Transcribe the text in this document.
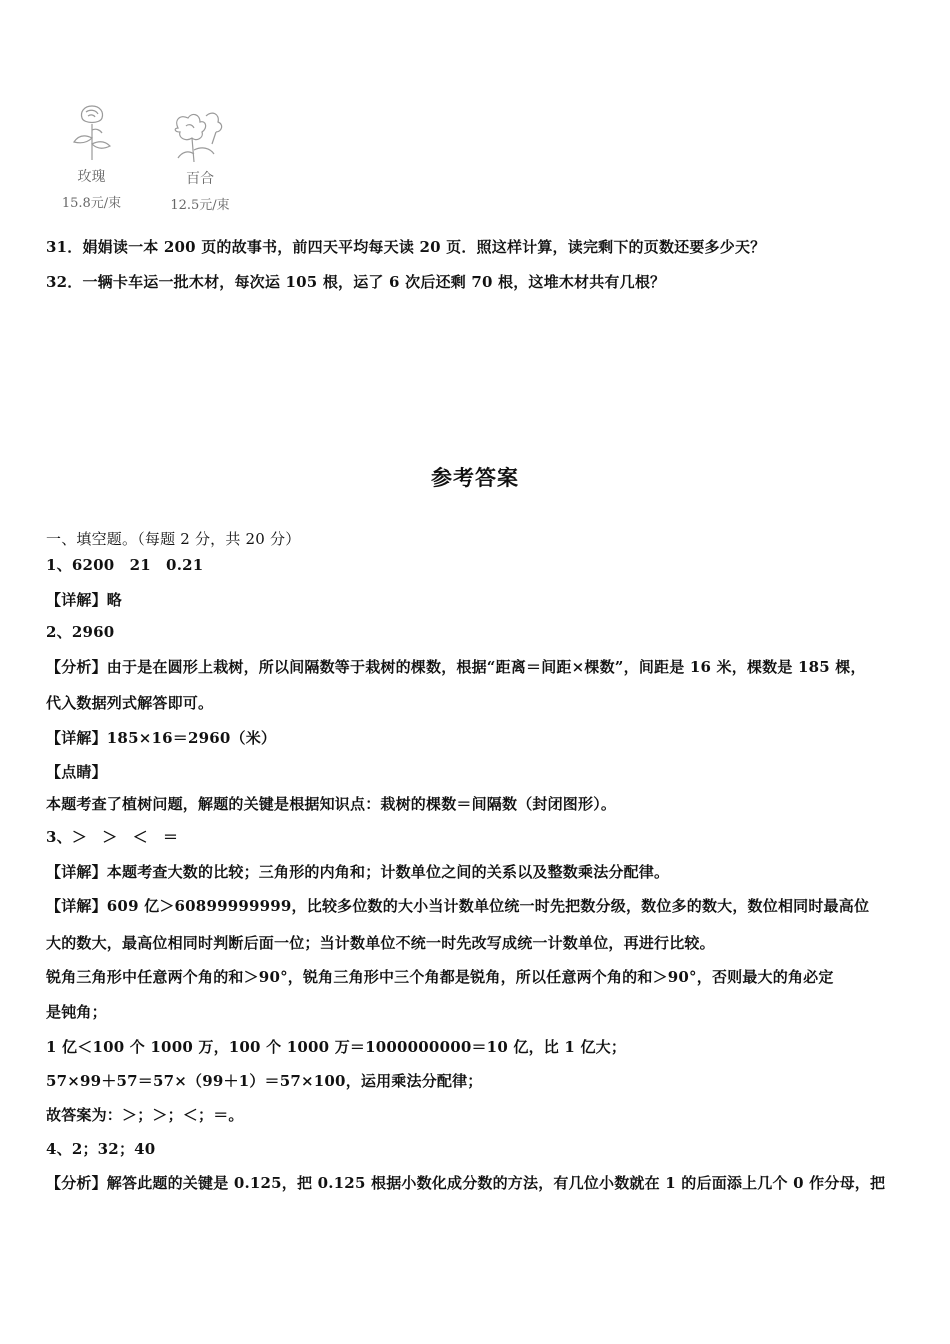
玫瑰
15.8元/束
百合
12.5元/束
31．娟娟读一本 200 页的故事书，前四天平均每天读 20 页．照这样计算，读完剩下的页数还要多少天？
32．一辆卡车运一批木材，每次运 105 根，运了 6 次后还剩 70 根，这堆木材共有几根？
参考答案
一、填空题。（每题 2 分，共 20 分）
1、6200　21　0.21
【详解】略
2、2960
【分析】由于是在圆形上栽树，所以间隔数等于栽树的棵数，根据“距离＝间距×棵数”，间距是 16 米，棵数是 185 棵，
代入数据列式解答即可。
【详解】185×16＝2960（米）
【点睛】
本题考查了植树问题，解题的关键是根据知识点：栽树的棵数＝间隔数（封闭图形）。
3、＞　＞　＜　＝
【详解】本题考查大数的比较；三角形的内角和；计数单位之间的关系以及整数乘法分配律。
【详解】609 亿＞60899999999，比较多位数的大小当计数单位统一时先把数分级，数位多的数大，数位相同时最高位
大的数大，最高位相同时判断后面一位；当计数单位不统一时先改写成统一计数单位，再进行比较。
锐角三角形中任意两个角的和＞90°，锐角三角形中三个角都是锐角，所以任意两个角的和＞90°，否则最大的角必定
是钝角；
1 亿＜100 个 1000 万，100 个 1000 万＝1000000000＝10 亿，比 1 亿大；
57×99＋57＝57×（99＋1）＝57×100，运用乘法分配律；
故答案为：＞；＞；＜；＝。
4、2；32；40
【分析】解答此题的关键是 0.125，把 0.125 根据小数化成分数的方法，有几位小数就在 1 的后面添上几个 0 作分母，把
